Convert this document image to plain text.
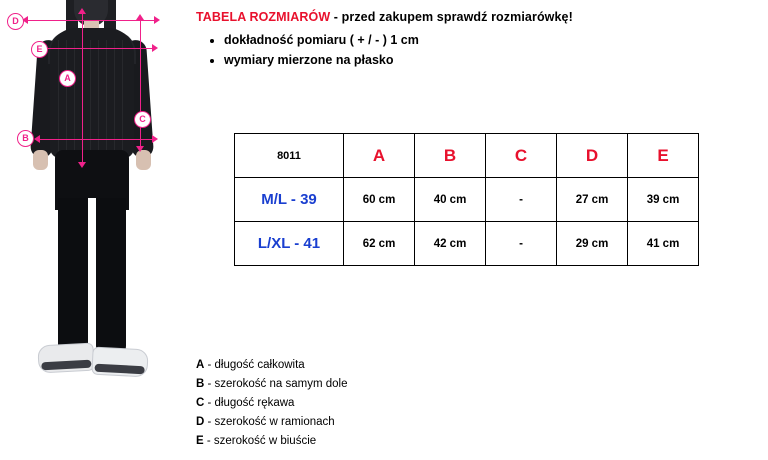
D
E
B
A
C
TABELA ROZMIARÓW - przed zakupem sprawdź rozmiarówkę!
• dokładność pomiaru ( + / - ) 1 cm
• wymiary mierzone na płasko
8011	A	B	C	D	E
M/L - 39	60 cm	40 cm	-	27 cm	39 cm
L/XL - 41	62 cm	42 cm	-	29 cm	41 cm
A - długość całkowita
B - szerokość na samym dole
C - długość rękawa
D - szerokość w ramionach
E - szerokość w biuście
